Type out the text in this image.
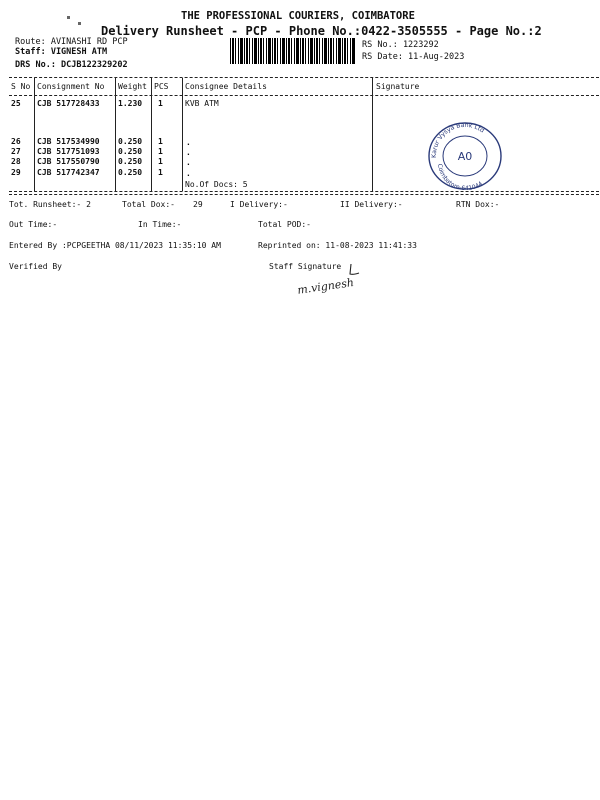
THE PROFESSIONAL COURIERS, COIMBATORE
Delivery Runsheet - PCP - Phone No.:0422-3505555 - Page No.:2
Route: AVINASHI RD PCP
Staff: VIGNESH ATM
DRS No.: DCJB122329202
RS No.: 1223292
RS Date: 11-Aug-2023
S No Consignment No Weight PCS Consignee Details	Signature
25 CJB 517728433 1.230 1	KVB ATM
26 CJB 517534990 0.250 1	.
27 CJB 517751093 0.250 1	.
28 CJB 517550790 0.250 1	.
29 CJB 517742347 0.250 1	.
No.Of Docs: 5
Karur Vysya Bank Ltd
Coimbatore-641044
A0
Tot. Runsheet:- 2	Total Dox:- 29	I Delivery:-	II Delivery:-	RTN Dox:-
Out Time:-	In Time:-	Total POD:-
Entered By :PCPGEETHA 08/11/2023 11:35:10 AM	Reprinted on: 11-08-2023 11:41:33
Verified By	Staff Signature
m.vignesh
